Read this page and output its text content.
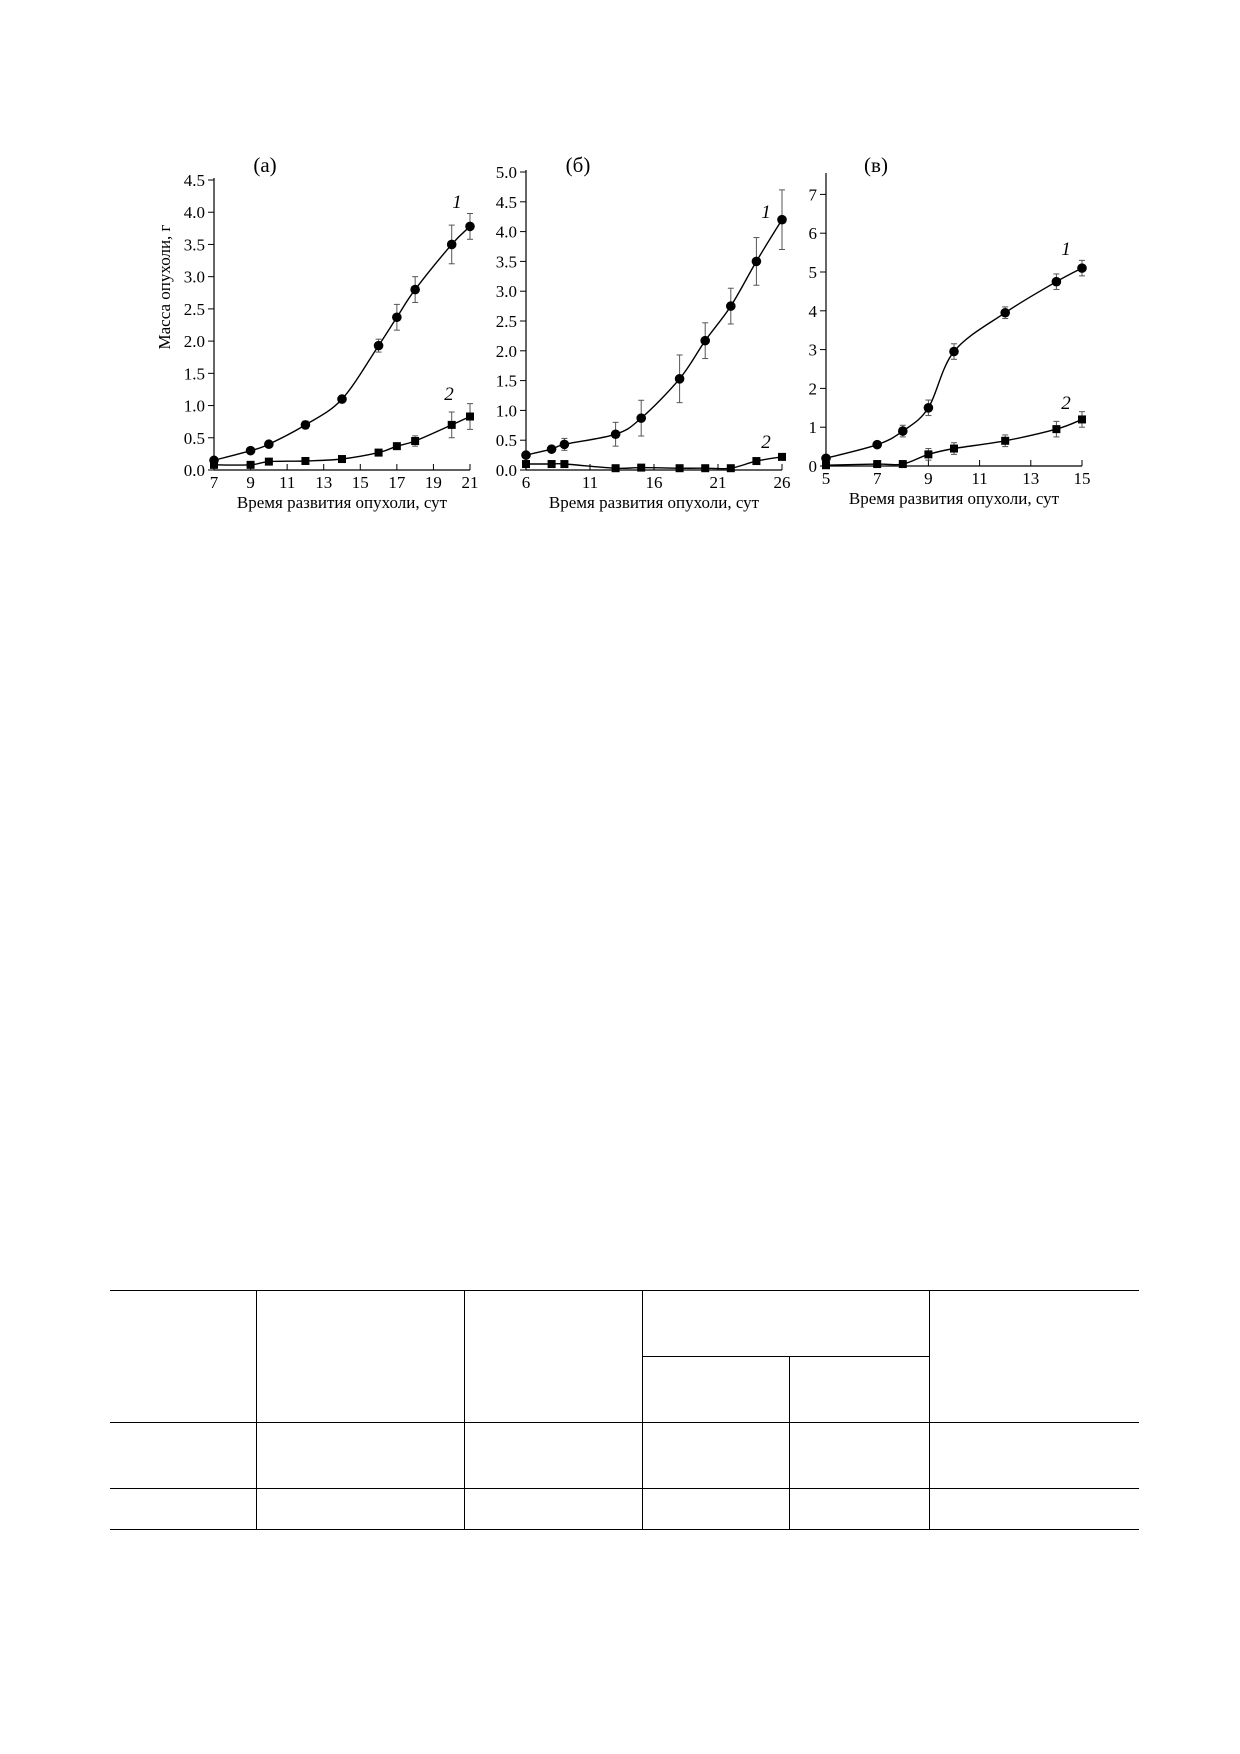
Масса опухоли, г
0.0
0.5
1.0
1.5
2.0
2.5
3.0
3.5
4.0
4.5
7 9 11 13 15 17 19 21
Время развития опухоли, сут
(а)
1
2
0.0
0.5
1.0
1.5
2.0
2.5
3.0
3.5
4.0
4.5
5.0
6	11	16	21	26
Время развития опухоли, сут
(б)
1
2
0
1
2
3
4
5
6
7
5	7	9 11 13 15
Время развития опухоли, сут
(в)
1
2
